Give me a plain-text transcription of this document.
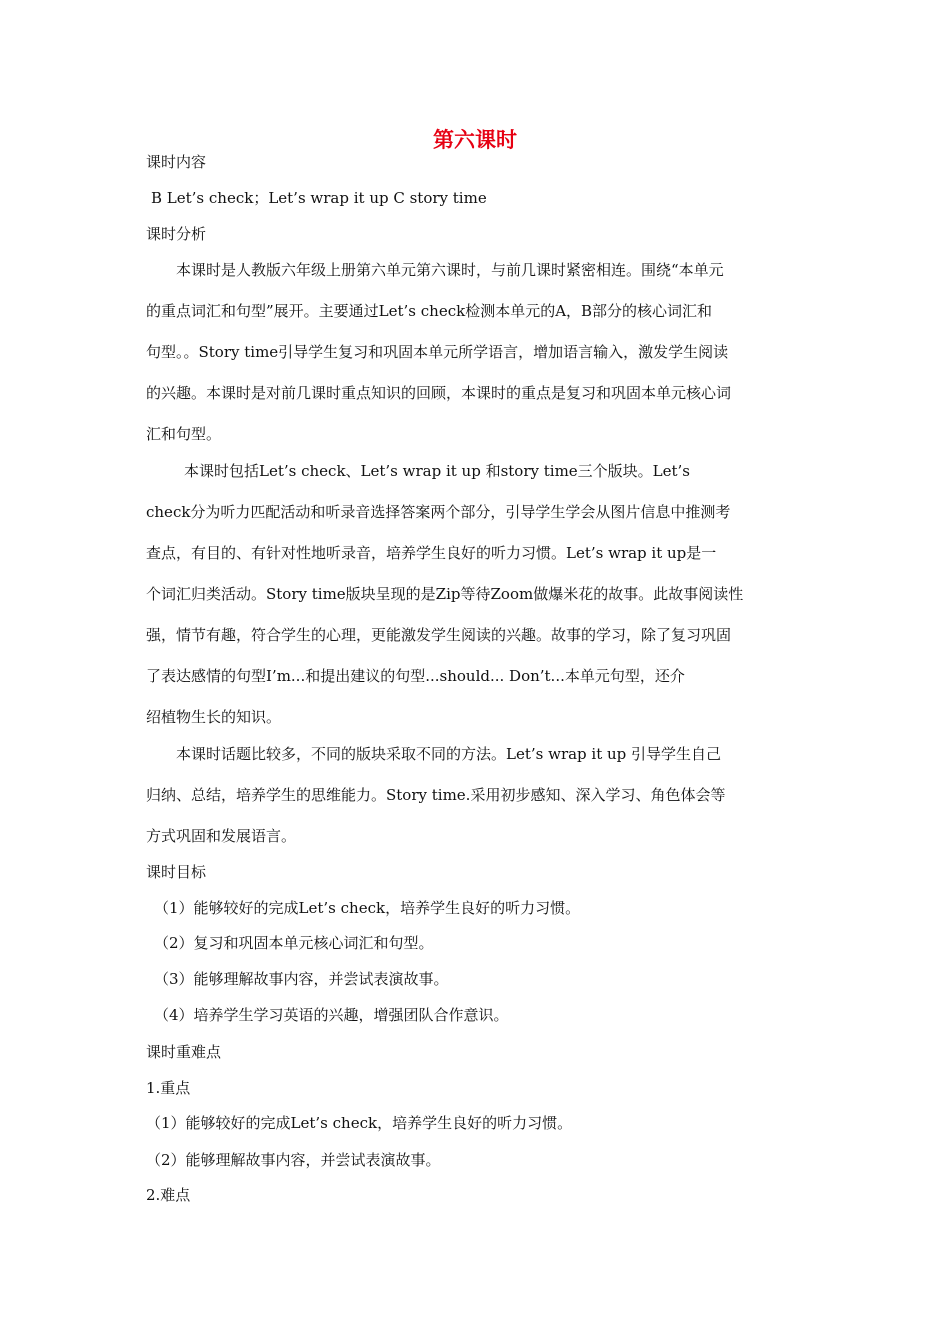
第六课时
课时内容
B Let’s check；Let’s wrap it up C story time
课时分析
本课时是人教版六年级上册第六单元第六课时，与前几课时紧密相连。围绕“本单元
的重点词汇和句型”展开。主要通过Let’s check检测本单元的A，B部分的核心词汇和
句型。。Story time引导学生复习和巩固本单元所学语言，增加语言输入，激发学生阅读
的兴趣。本课时是对前几课时重点知识的回顾，本课时的重点是复习和巩固本单元核心词
汇和句型。
本课时包括Let’s check、Let’s wrap it up 和story time三个版块。Let’s
check分为听力匹配活动和听录音选择答案两个部分，引导学生学会从图片信息中推测考
查点，有目的、有针对性地听录音，培养学生良好的听力习惯。Let’s wrap it up是一
个词汇归类活动。Story time版块呈现的是Zip等待Zoom做爆米花的故事。此故事阅读性
强，情节有趣，符合学生的心理，更能激发学生阅读的兴趣。故事的学习，除了复习巩固
了表达感情的句型I’m...和提出建议的句型...should... Don’t...本单元句型，还介
绍植物生长的知识。
本课时话题比较多，不同的版块采取不同的方法。Let’s wrap it up 引导学生自己
归纳、总结，培养学生的思维能力。Story time.采用初步感知、深入学习、角色体会等
方式巩固和发展语言。
课时目标
（1）能够较好的完成Let’s check，培养学生良好的听力习惯。
（2）复习和巩固本单元核心词汇和句型。
（3）能够理解故事内容，并尝试表演故事。
（4）培养学生学习英语的兴趣，增强团队合作意识。
课时重难点
1.重点
（1）能够较好的完成Let’s check，培养学生良好的听力习惯。
（2）能够理解故事内容，并尝试表演故事。
2.难点
